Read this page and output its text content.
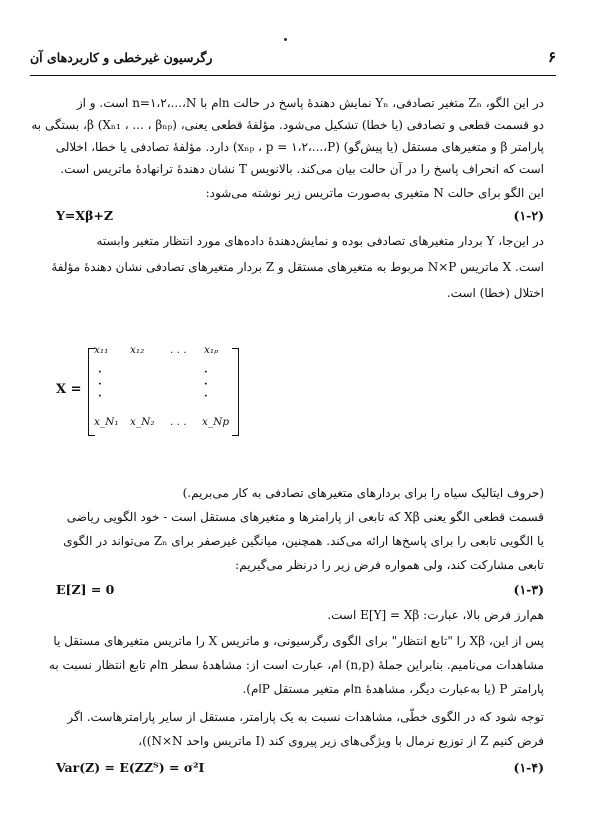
رگرسیون غیرخطی و کاربردهای آن	۶
در این الگو، Zₙ متغیر تصادفی، Yₙ نمایش دهندهٔ پاسخ در حالت nام با n=۱،۲،...،N است. و از
دو قسمت قطعی و تصادفی (یا خطا) تشکیل می‌شود. مؤلفهٔ قطعی یعنی، β (Xₙ₁ ، ... ، βₙₚ)، بستگی به
پارامتر β و متغیرهای مستقل (یا پیش‌گو) (xₙₚ ، p = ۱،۲،...،P) دارد. مؤلفهٔ تصادفی یا خطا، اخلالی
است که انحراف پاسخ را در آن حالت بیان می‌کند. بالانویس T نشان دهندهٔ ترانهادهٔ ماتریس است.
این الگو برای حالت N متغیری به‌صورت ماتریس زیر نوشته می‌شود:
Y=Xβ+Z	(۱-۲)
در این‌جا، Y بردار متغیرهای تصادفی بوده و نمایش‌دهندهٔ داده‌های مورد انتظار متغیر وابسته
است. X ماتریس N×P مربوط به متغیرهای مستقل و Z بردار متغیرهای تصادفی نشان دهندهٔ مؤلفهٔ
اختلال (خطا) است.
X =
x₁₁ x₁₂ . . . x₁ₚ
·
·
·
·
·
·
x_N₁ x_N₂ . . . x_Np
(حروف ایتالیک سیاه را برای بردارهای متغیرهای تصادفی به کار می‌بریم.)
قسمت قطعی الگو یعنی Xβ که تابعی از پارامترها و متغیرهای مستقل است - خود الگویی ریاضی
یا الگویی تابعی را برای پاسخ‌ها ارائه می‌کند. همچنین، میانگین غیرصفر برای Zₙ می‌تواند در الگوی
تابعی مشارکت کند، ولی همواره فرض زیر را درنظر می‌گیریم:
E[Z] = 0	(۱-۳)
هم‌ارز فرض بالا، عبارت: E[Y] = Xβ است.
پس از این، Xβ را "تابع انتظار" برای الگوی رگرسیونی، و ماتریس X را ماتریس متغیرهای مستقل یا
مشاهدات می‌نامیم. بنابراین جملهٔ (n,p) ام، عبارت است از: مشاهدهٔ سطر nام تابع انتظار نسبت به
پارامتر P (یا به‌عبارت دیگر، مشاهدهٔ nام متغیر مستقل Pام).
توجه شود که در الگوی خطّی، مشاهدات نسبت به یک پارامتر، مستقل از سایر پارامترهاست. اگر
فرض کنیم Z از توزیع نرمال با ویژگی‌های زیر پیروی کند (I ماتریس واحد N×N))،
Var(Z) = E(ZZᵀ) = σ²I	(۱-۴)
